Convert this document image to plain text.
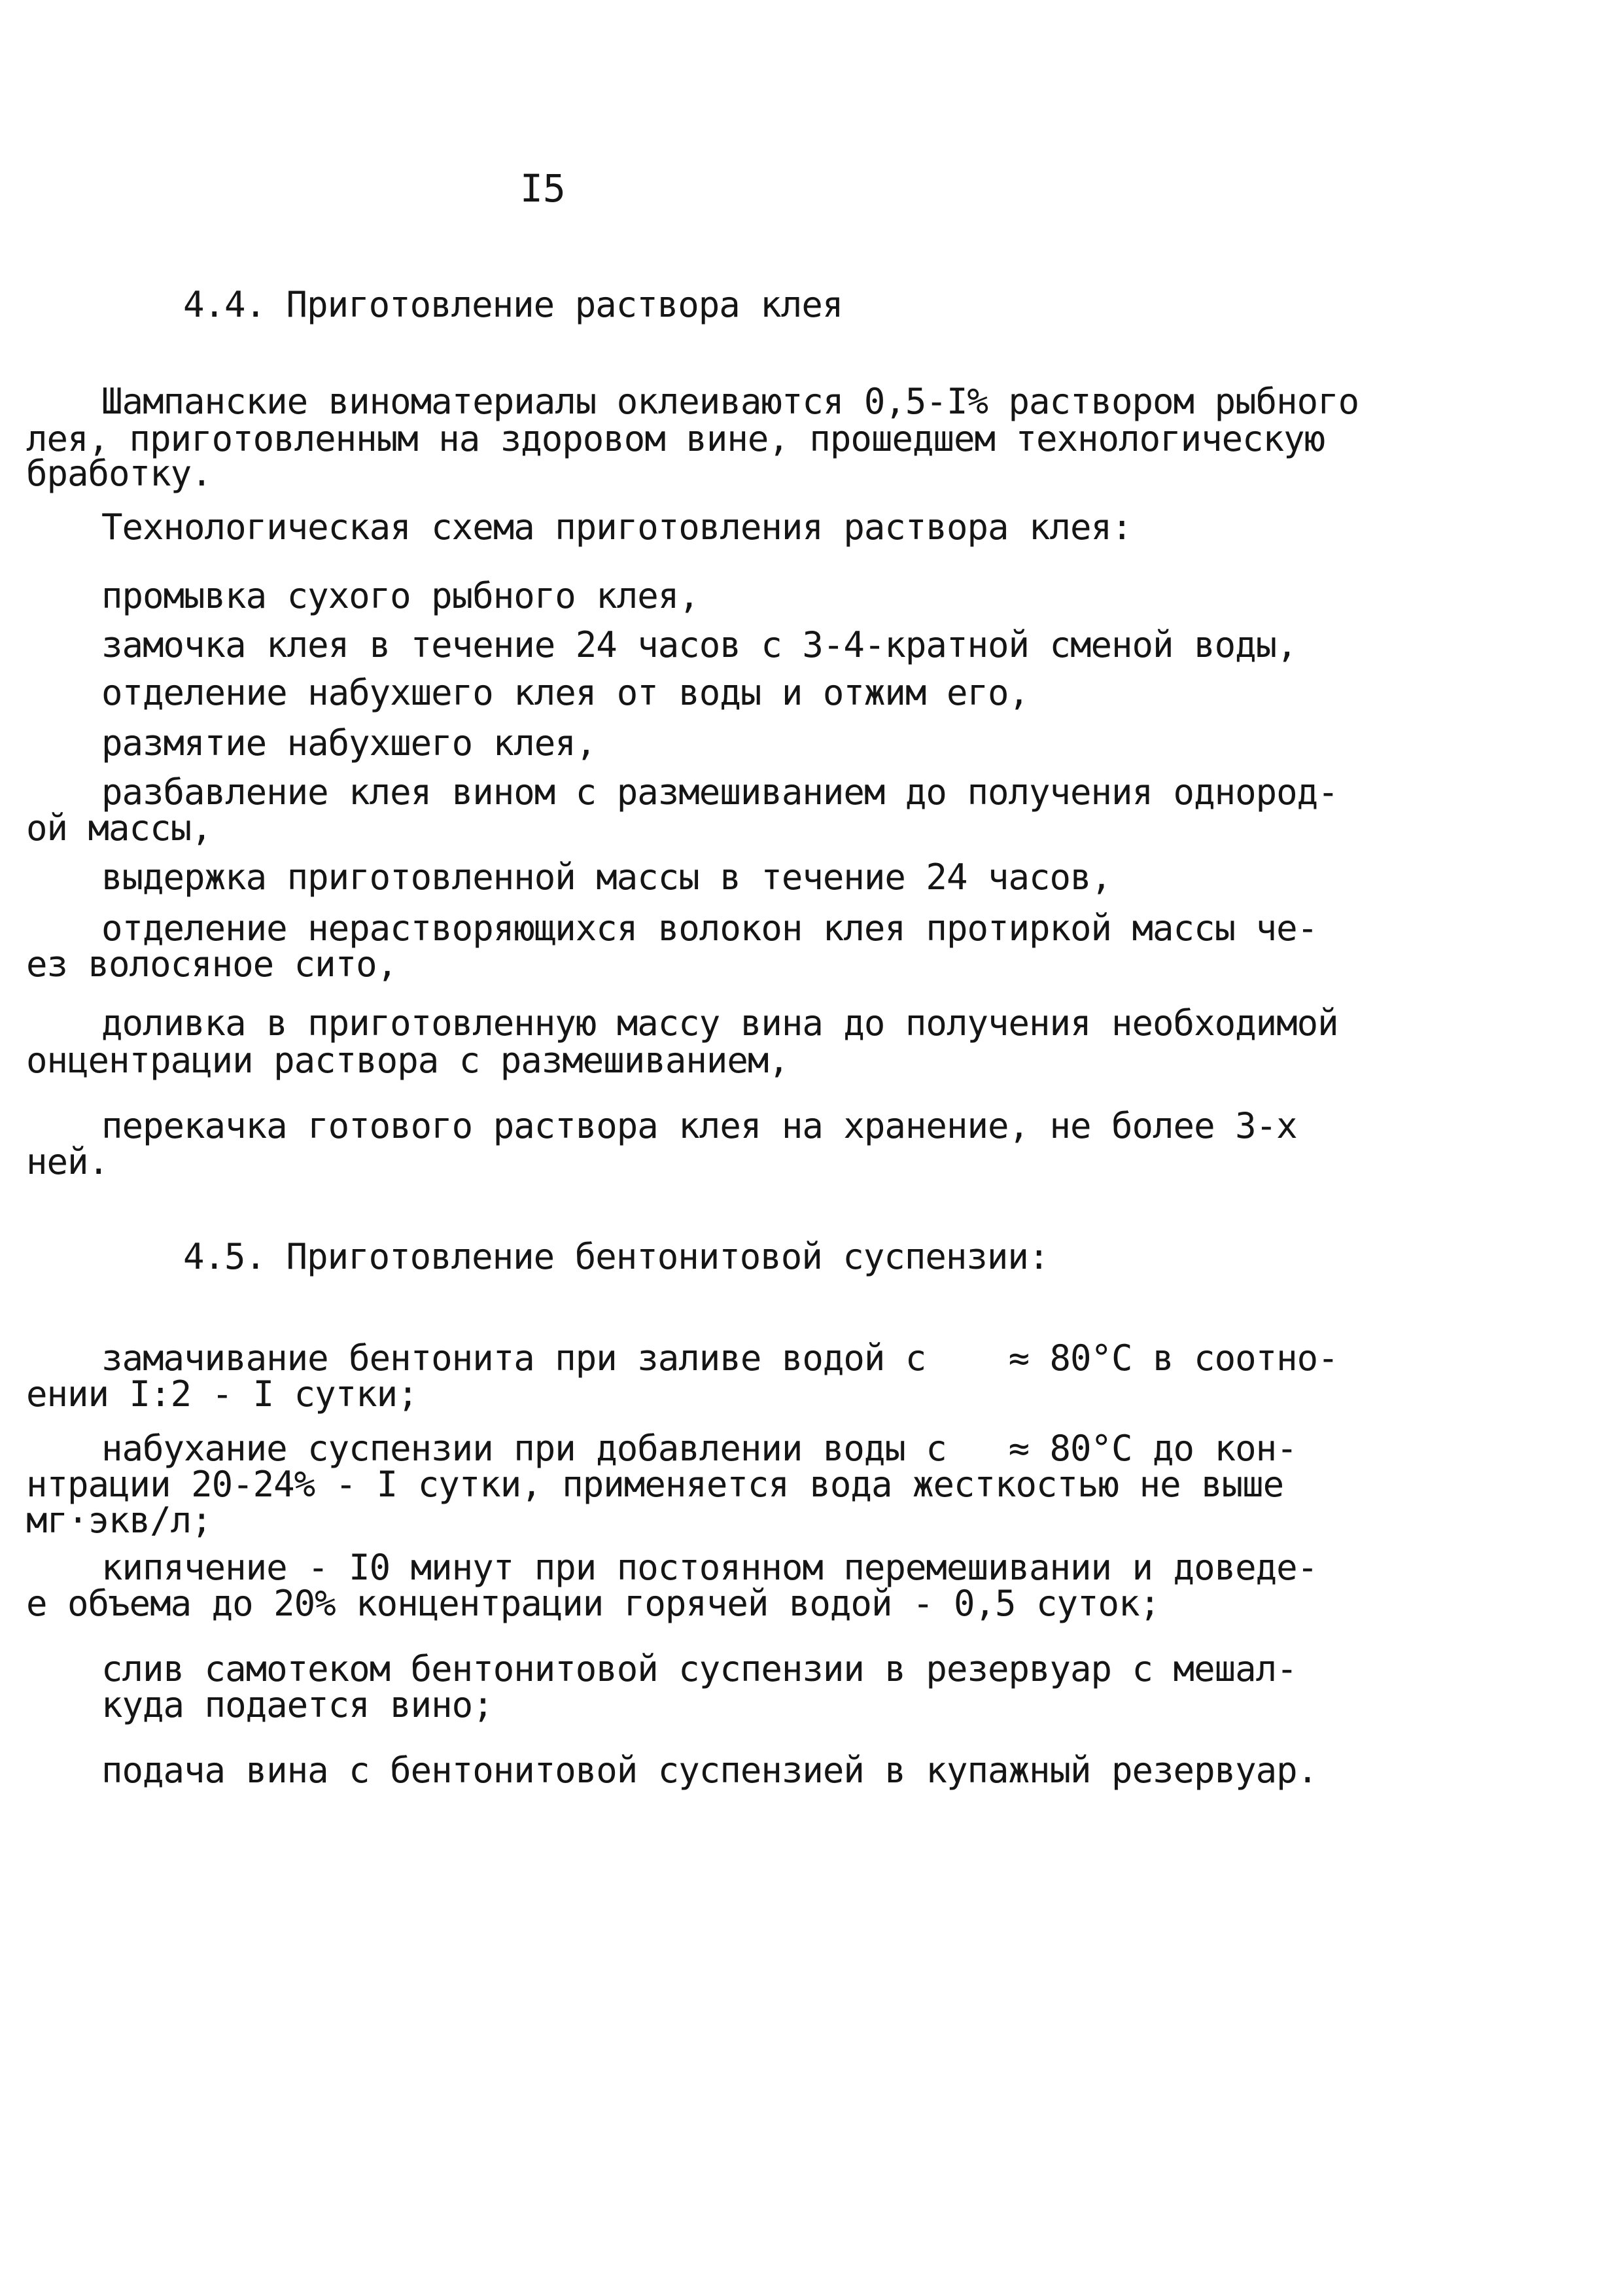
I5
4.4. Приготовление раствора клея
Шампанские виноматериалы оклеиваются 0,5-I% раствором рыбного
лея, приготовленным на здоровом вине, прошедшем технологическую
бработку.
Технологическая схема приготовления раствора клея:
промывка сухого рыбного клея,
замочка клея в течение 24 часов с 3-4-кратной сменой воды,
отделение набухшего клея от воды и отжим его,
размятие набухшего клея,
разбавление клея вином с размешиванием до получения однород-
ой массы,
выдержка приготовленной массы в течение 24 часов,
отделение нерастворяющихся волокон клея протиркой массы че-
ез волосяное сито,
доливка в приготовленную массу вина до получения необходимой
онцентрации раствора с размешиванием,
перекачка готового раствора клея на хранение, не более 3-х
ней.
4.5. Приготовление бентонитовой суспензии:
замачивание бентонита при заливе водой с    ≈ 80°С в соотно-
ении I:2 - I сутки;
набухание суспензии при добавлении воды с   ≈ 80°С до кон-
нтрации 20-24% - I сутки, применяется вода жесткостью не выше
мг·экв/л;
кипячение - I0 минут при постоянном перемешивании и доведе-
е объема до 20% концентрации горячей водой - 0,5 суток;
слив самотеком бентонитовой суспензии в резервуар с мешал-
куда подается вино;
подача вина с бентонитовой суспензией в купажный резервуар.
